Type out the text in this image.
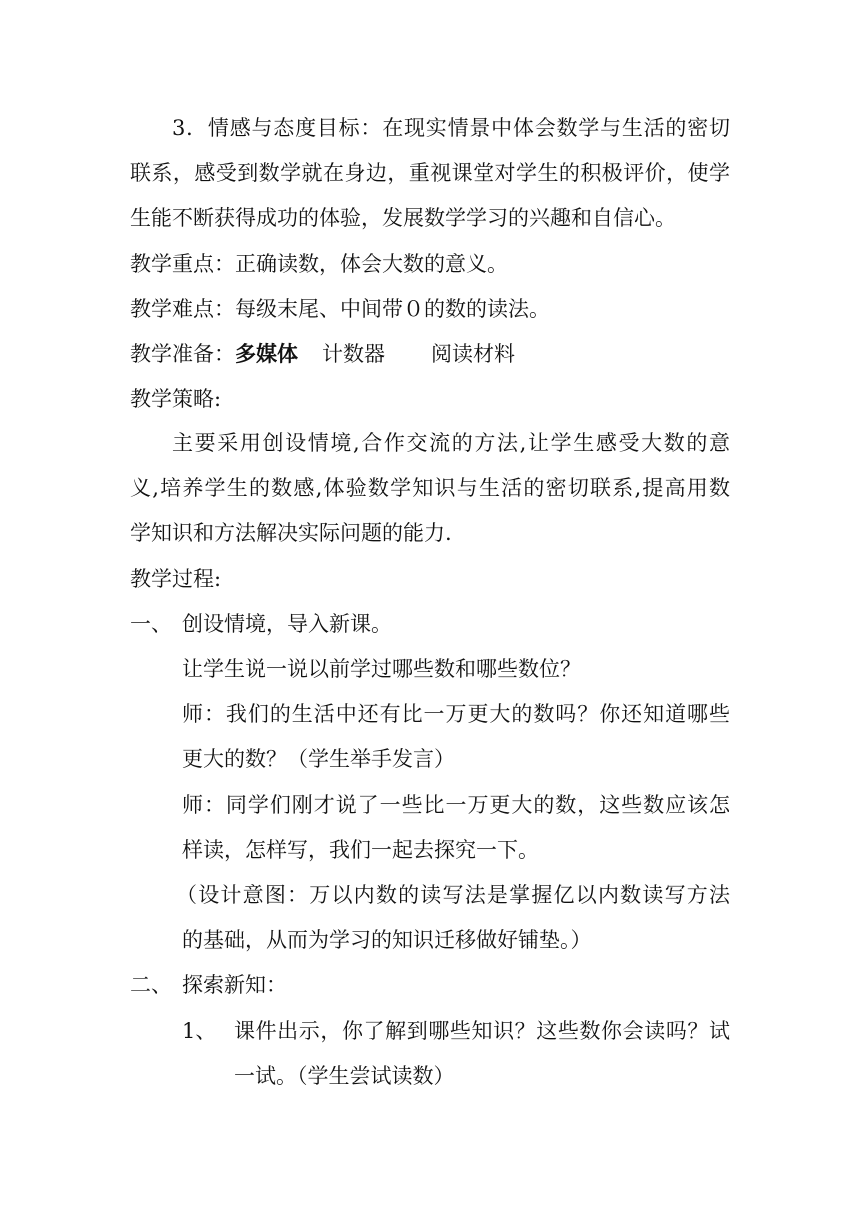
3．情感与态度目标：在现实情景中体会数学与生活的密切
联系，感受到数学就在身边，重视课堂对学生的积极评价，使学
生能不断获得成功的体验，发展数学学习的兴趣和自信心。
教学重点：正确读数，体会大数的意义。
教学难点：每级末尾、中间带０的数的读法。
教学准备：多媒体 计数器 阅读材料
教学策略:
主要采用创设情境,合作交流的方法,让学生感受大数的意
义,培养学生的数感,体验数学知识与生活的密切联系,提高用数
学知识和方法解决实际问题的能力.
教学过程:
一、 创设情境，导入新课。
让学生说一说以前学过哪些数和哪些数位？
师：我们的生活中还有比一万更大的数吗？你还知道哪些
更大的数？（学生举手发言）
师：同学们刚才说了一些比一万更大的数，这些数应该怎
样读，怎样写，我们一起去探究一下。
（设计意图：万以内数的读写法是掌握亿以内数读写方法
的基础，从而为学习的知识迁移做好铺垫。）
二、 探索新知：
1、 课件出示，你了解到哪些知识？这些数你会读吗？试
一试。（学生尝试读数）
